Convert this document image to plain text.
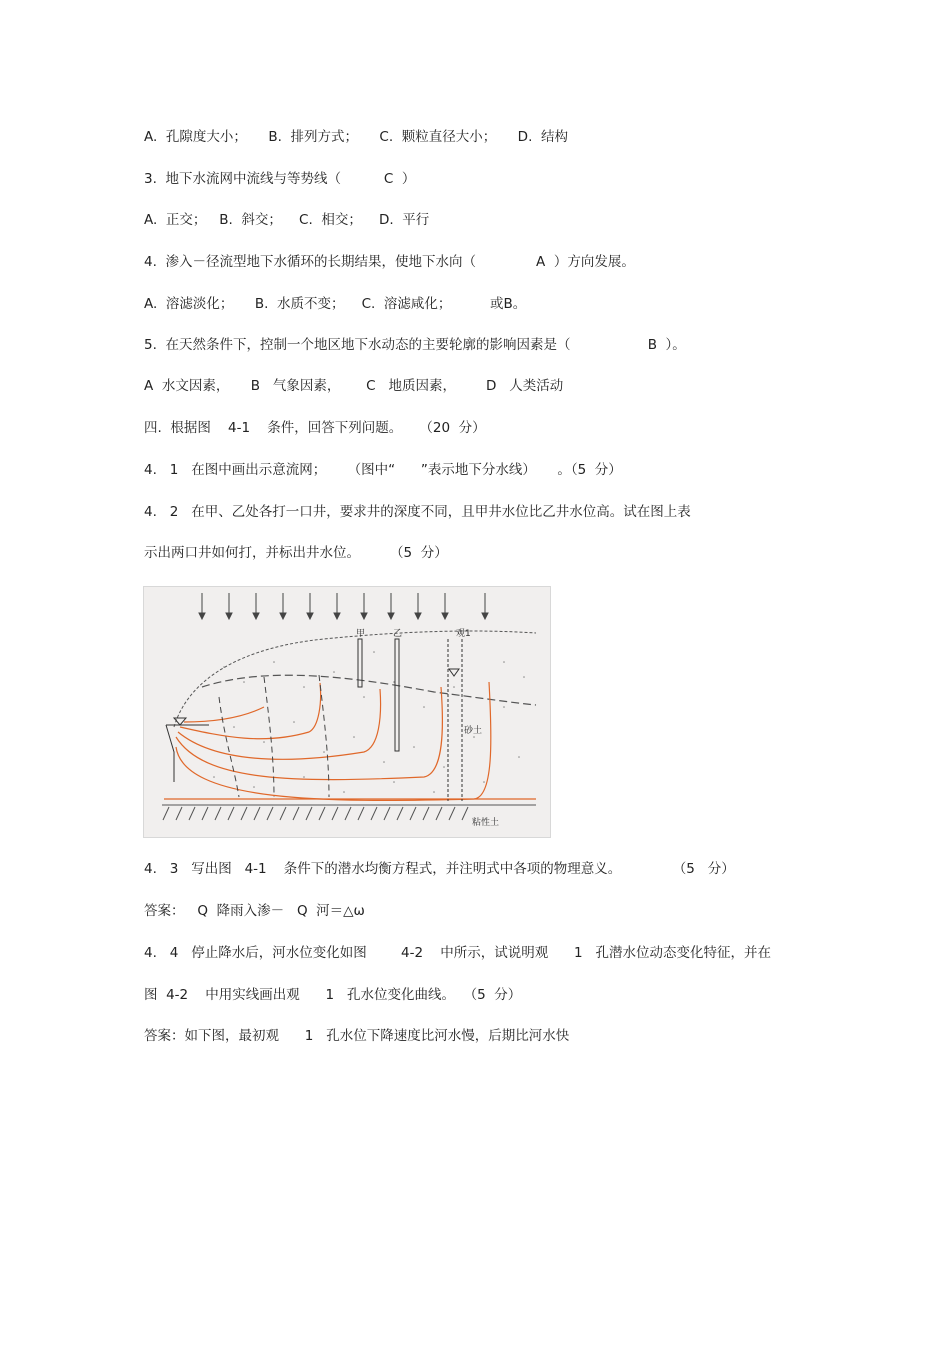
A.  孔隙度大小；     B.  排列方式；     C.  颗粒直径大小；     D.  结构
3.  地下水流网中流线与等势线（          C  ）
A.  正交；   B.  斜交；    C.  相交；    D.  平行
4.  渗入－径流型地下水循环的长期结果，使地下水向（              A  ）方向发展。
A.  溶滤淡化；     B.  水质不变；    C.  溶滤咸化；         或B。
5.  在天然条件下，控制一个地区地下水动态的主要轮廓的影响因素是（                  B  ）。
A  水文因素，     B   气象因素，      C   地质因素，       D   人类活动
四.  根据图    4-1    条件，回答下列问题。    （20  分）
4.   1   在图中画出示意流网；     （图中“      ”表示地下分水线）     。（5  分）
4.   2   在甲、乙处各打一口井，要求井的深度不同，且甲井水位比乙井水位高。试在图上表
示出两口井如何打，并标出井水位。       （5  分）
甲	乙	观1
砂土
粘性土
4.   3   写出图   4-1    条件下的潜水均衡方程式，并注明式中各项的物理意义。            （5   分）
答案：   Q  降雨入渗－   Q  河＝△ω
4.   4   停止降水后，河水位变化如图        4-2    中所示，试说明观      1   孔潜水位动态变化特征，并在
图  4-2    中用实线画出观      1   孔水位变化曲线。  （5  分）
答案：如下图，最初观      1   孔水位下降速度比河水慢，后期比河水快
